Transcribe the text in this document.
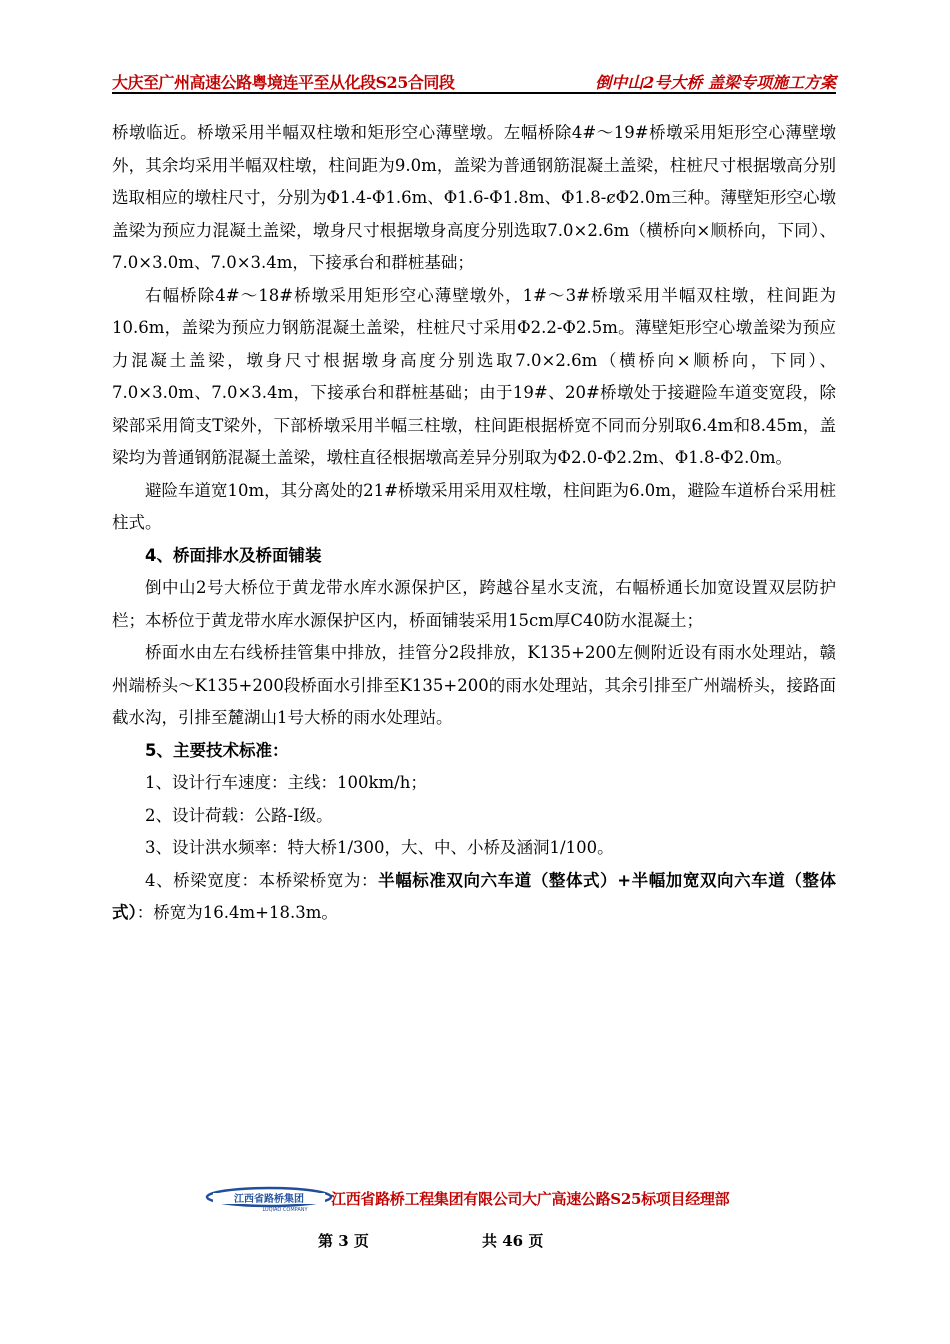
大庆至广州高速公路粤境连平至从化段S25合同段	倒中山2号大桥 盖梁专项施工方案

桥墩临近。桥墩采用半幅双柱墩和矩形空心薄壁墩。左幅桥除4#～19#桥墩采用矩形空心薄壁墩外，其余均采用半幅双柱墩，柱间距为9.0m，盖梁为普通钢筋混凝土盖梁，柱桩尺寸根据墩高分别选取相应的墩柱尺寸，分别为Φ1.4-Φ1.6m、Φ1.6-Φ1.8m、Φ1.8-ȼΦ2.0m三种。薄壁矩形空心墩盖梁为预应力混凝土盖梁，墩身尺寸根据墩身高度分别选取7.0×2.6m（横桥向×顺桥向，下同）、7.0×3.0m、7.0×3.4m，下接承台和群桩基础；

右幅桥除4#～18#桥墩采用矩形空心薄壁墩外，1#～3#桥墩采用半幅双柱墩，柱间距为10.6m，盖梁为预应力钢筋混凝土盖梁，柱桩尺寸采用Φ2.2-Φ2.5m。薄壁矩形空心墩盖梁为预应力混凝土盖梁，墩身尺寸根据墩身高度分别选取7.0×2.6m（横桥向×顺桥向，下同）、7.0×3.0m、7.0×3.4m，下接承台和群桩基础；由于19#、20#桥墩处于接避险车道变宽段，除梁部采用简支T梁外，下部桥墩采用半幅三柱墩，柱间距根据桥宽不同而分别取6.4m和8.45m，盖梁均为普通钢筋混凝土盖梁，墩柱直径根据墩高差异分别取为Φ2.0-Φ2.2m、Φ1.8-Φ2.0m。

避险车道宽10m，其分离处的21#桥墩采用采用双柱墩，柱间距为6.0m，避险车道桥台采用桩柱式。

4、桥面排水及桥面铺装

倒中山2号大桥位于黄龙带水库水源保护区，跨越谷星水支流，右幅桥通长加宽设置双层防护栏；本桥位于黄龙带水库水源保护区内，桥面铺装采用15cm厚C40防水混凝土；

桥面水由左右线桥挂管集中排放，挂管分2段排放，K135+200左侧附近设有雨水处理站，赣州端桥头～K135+200段桥面水引排至K135+200的雨水处理站，其余引排至广州端桥头，接路面截水沟，引排至麓湖山1号大桥的雨水处理站。

5、主要技术标准：

1、设计行车速度：主线：100km/h；

2、设计荷载：公路-I级。

3、设计洪水频率：特大桥1/300，大、中、小桥及涵洞1/100。

4、桥梁宽度：本桥梁桥宽为：半幅标准双向六车道（整体式）+半幅加宽双向六车道（整体式）：桥宽为16.4m+18.3m。

江西省路桥集团
LUQIAO COMPANY
江西省路桥工程集团有限公司大广高速公路S25标项目经理部
第 3 页	共 46 页
